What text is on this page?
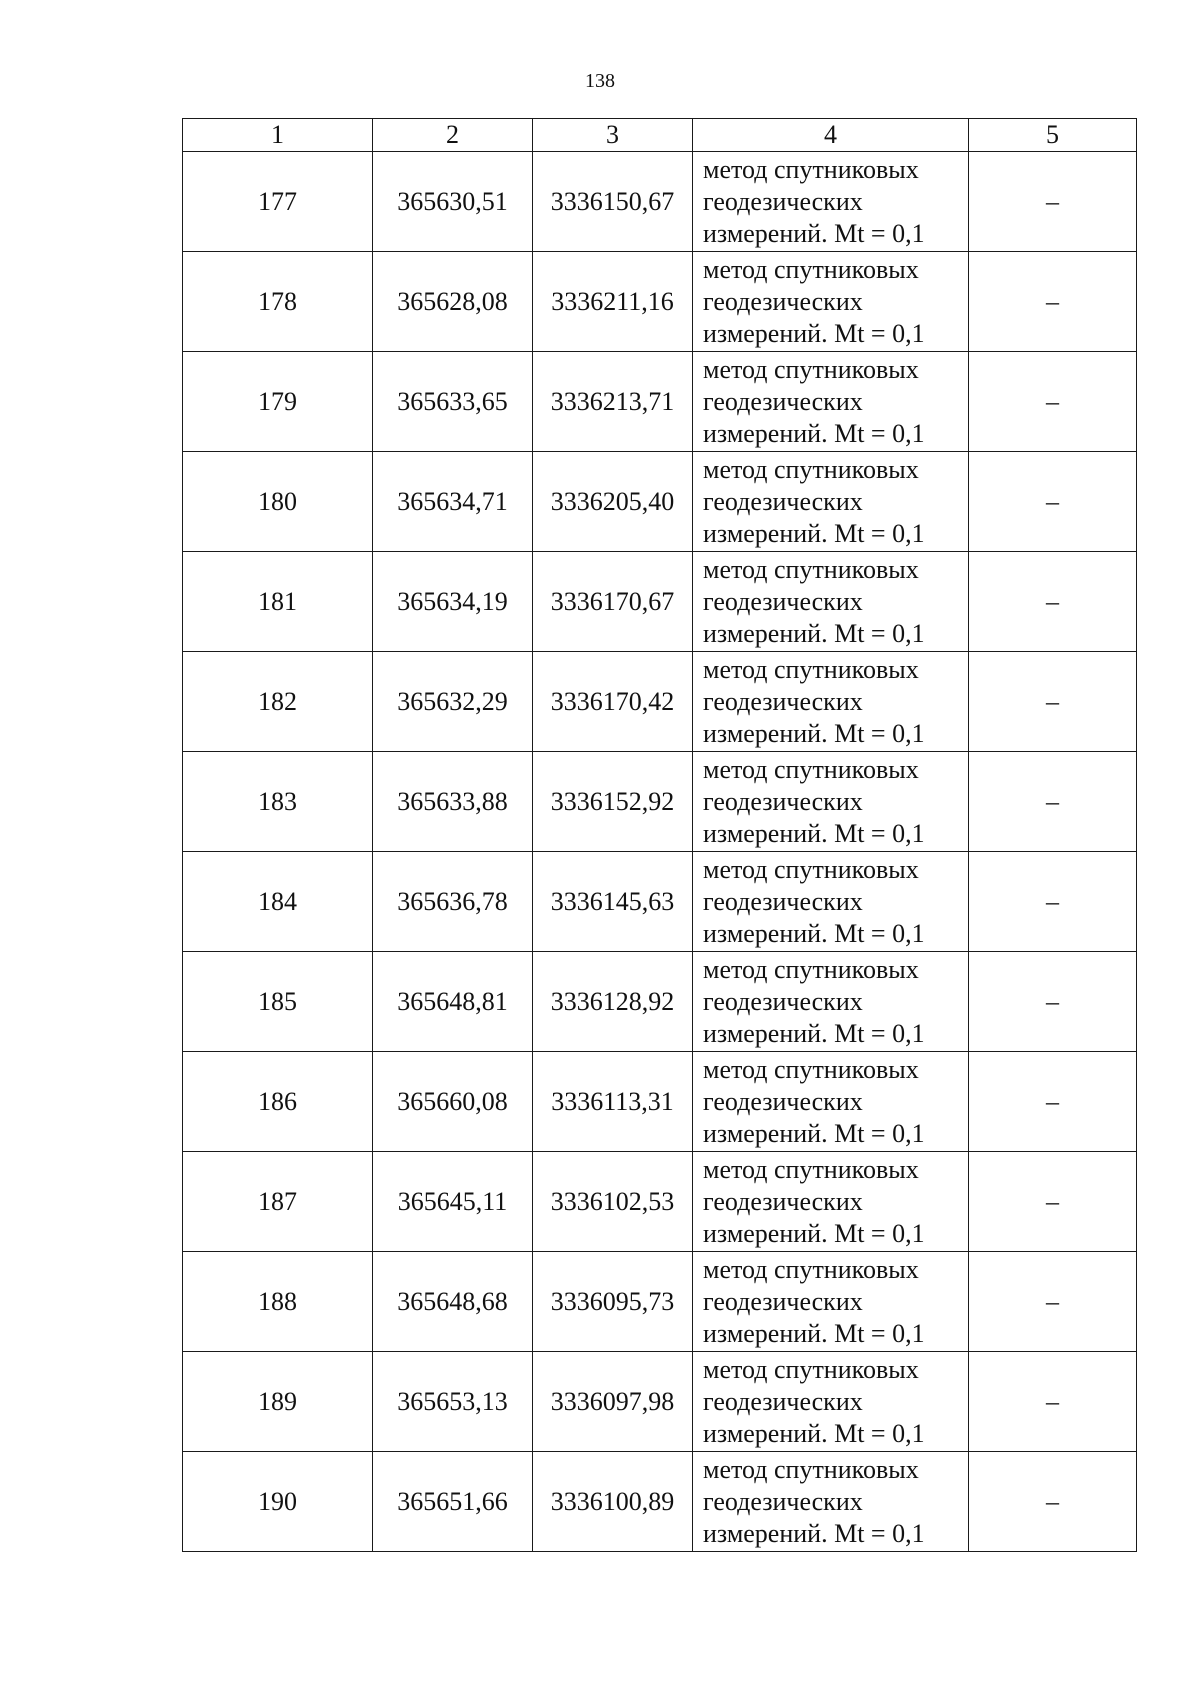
138
1	2	3	4	5
177	365630,51	3336150,67	метод спутниковых
геодезических
измерений. Mt = 0,1	–
178	365628,08	3336211,16	метод спутниковых
геодезических
измерений. Mt = 0,1	–
179	365633,65	3336213,71	метод спутниковых
геодезических
измерений. Mt = 0,1	–
180	365634,71	3336205,40	метод спутниковых
геодезических
измерений. Mt = 0,1	–
181	365634,19	3336170,67	метод спутниковых
геодезических
измерений. Mt = 0,1	–
182	365632,29	3336170,42	метод спутниковых
геодезических
измерений. Mt = 0,1	–
183	365633,88	3336152,92	метод спутниковых
геодезических
измерений. Mt = 0,1	–
184	365636,78	3336145,63	метод спутниковых
геодезических
измерений. Mt = 0,1	–
185	365648,81	3336128,92	метод спутниковых
геодезических
измерений. Mt = 0,1	–
186	365660,08	3336113,31	метод спутниковых
геодезических
измерений. Mt = 0,1	–
187	365645,11	3336102,53	метод спутниковых
геодезических
измерений. Mt = 0,1	–
188	365648,68	3336095,73	метод спутниковых
геодезических
измерений. Mt = 0,1	–
189	365653,13	3336097,98	метод спутниковых
геодезических
измерений. Mt = 0,1	–
190	365651,66	3336100,89	метод спутниковых
геодезических
измерений. Mt = 0,1	–
